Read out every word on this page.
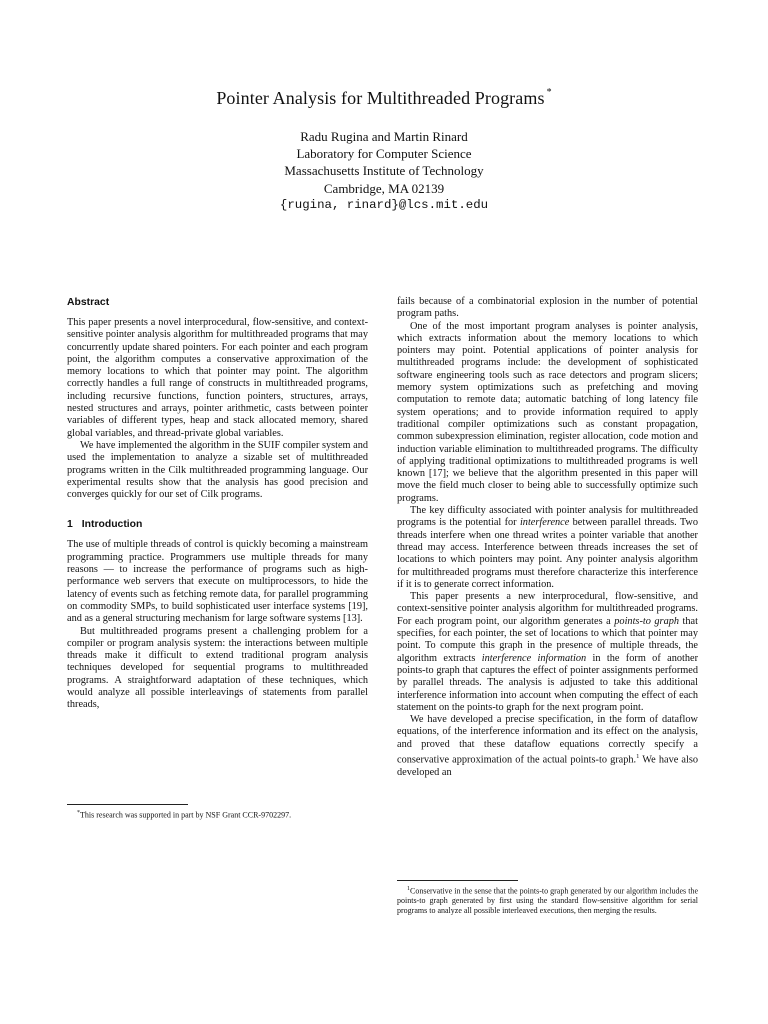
Pointer Analysis for Multithreaded Programs *
Radu Rugina and Martin Rinard
Laboratory for Computer Science
Massachusetts Institute of Technology
Cambridge, MA 02139
{rugina, rinard}@lcs.mit.edu
Abstract

This paper presents a novel interprocedural, flow-sensitive, and context-sensitive pointer analysis algorithm for multithreaded programs that may concurrently update shared pointers. For each pointer and each program point, the algorithm computes a conservative approximation of the memory locations to which that pointer may point. The algorithm correctly handles a full range of constructs in multithreaded programs, including recursive functions, function pointers, structures, arrays, nested structures and arrays, pointer arithmetic, casts between pointer variables of different types, heap and stack allocated memory, shared global variables, and thread-private global variables.

We have implemented the algorithm in the SUIF compiler system and used the implementation to analyze a sizable set of multithreaded programs written in the Cilk multithreaded programming language. Our experimental results show that the analysis has good precision and converges quickly for our set of Cilk programs.

1 Introduction

The use of multiple threads of control is quickly becoming a mainstream programming practice. Programmers use multiple threads for many reasons — to increase the performance of programs such as high-performance web servers that execute on multiprocessors, to hide the latency of events such as fetching remote data, for parallel programming on commodity SMPs, to build sophisticated user interface systems [19], and as a general structuring mechanism for large software systems [13].

But multithreaded programs present a challenging problem for a compiler or program analysis system: the interactions between multiple threads make it difficult to extend traditional program analysis techniques developed for sequential programs to multithreaded programs. A straightforward adaptation of these techniques, which would analyze all possible interleavings of statements from parallel threads,

*This research was supported in part by NSF Grant CCR-9702297.

fails because of a combinatorial explosion in the number of potential program paths.

One of the most important program analyses is pointer analysis, which extracts information about the memory locations to which pointers may point. Potential applications of pointer analysis for multithreaded programs include: the development of sophisticated software engineering tools such as race detectors and program slicers; memory system optimizations such as prefetching and moving computation to remote data; automatic batching of long latency file system operations; and to provide information required to apply traditional compiler optimizations such as constant propagation, common subexpression elimination, register allocation, code motion and induction variable elimination to multithreaded programs. The difficulty of applying traditional optimizations to multithreaded programs is well known [17]; we believe that the algorithm presented in this paper will move the field much closer to being able to successfully optimize such programs.

The key difficulty associated with pointer analysis for multithreaded programs is the potential for interference between parallel threads. Two threads interfere when one thread writes a pointer variable that another thread may access. Interference between threads increases the set of locations to which pointers may point. Any pointer analysis algorithm for multithreaded programs must therefore characterize this interference if it is to generate correct information.

This paper presents a new interprocedural, flow-sensitive, and context-sensitive pointer analysis algorithm for multithreaded programs. For each program point, our algorithm generates a points-to graph that specifies, for each pointer, the set of locations to which that pointer may point. To compute this graph in the presence of multiple threads, the algorithm extracts interference information in the form of another points-to graph that captures the effect of pointer assignments performed by parallel threads. The analysis is adjusted to take this additional interference information into account when computing the effect of each statement on the points-to graph for the next program point.

We have developed a precise specification, in the form of dataflow equations, of the interference information and its effect on the analysis, and proved that these dataflow equations correctly specify a conservative approximation of the actual points-to graph.$^1$ We have also developed an

$^1$Conservative in the sense that the points-to graph generated by our algorithm includes the points-to graph generated by first using the standard flow-sensitive algorithm for serial programs to analyze all possible interleaved executions, then merging the results.
